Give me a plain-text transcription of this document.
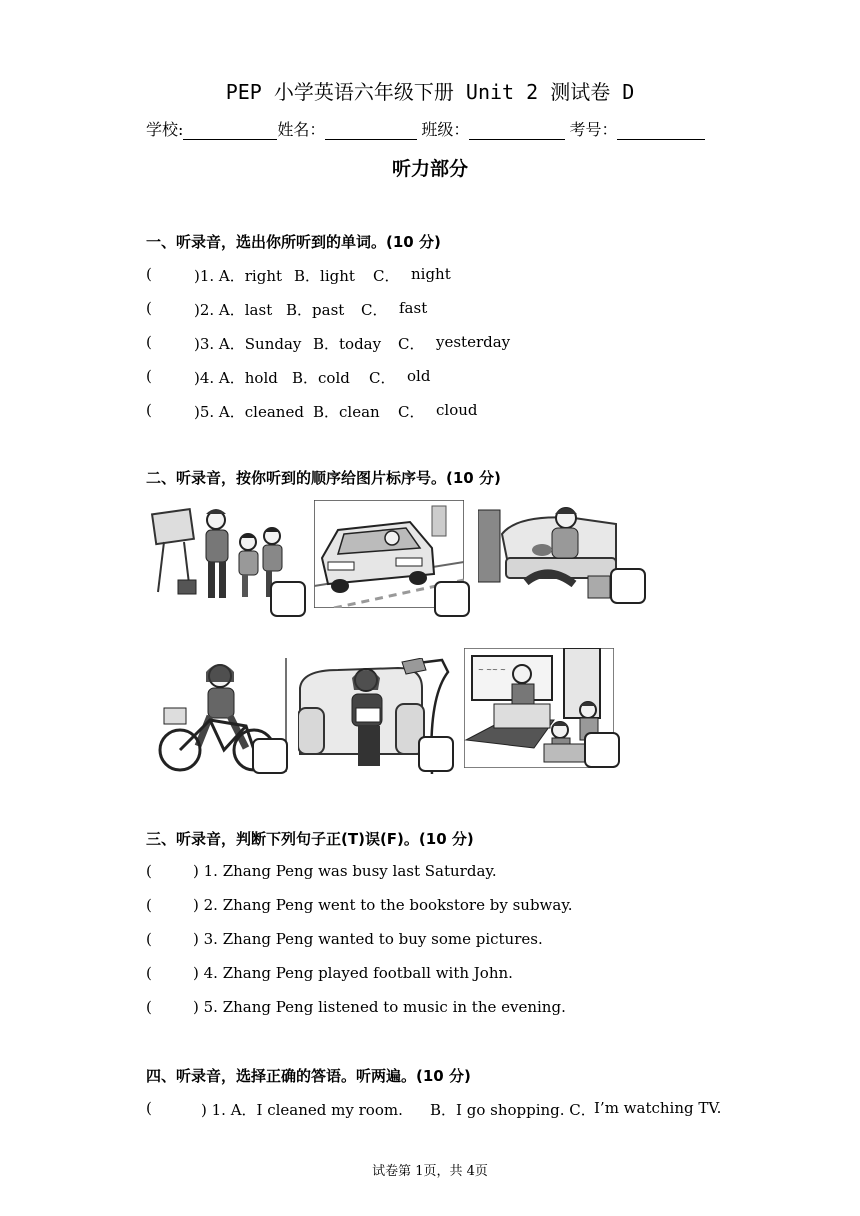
PEP 小学英语六年级下册 Unit 2 测试卷 D
学校:	姓名：	班级：	考号：
听力部分
一、听录音，选出你所听到的单词。(10 分)
(	)1. A．right B．light C． night
(	)2. A．last B．past C． fast
(	)3. A．Sunday B．today C． yesterday
(	)4. A．hold B．cold C． old
(	)5. A．cleaned B．clean C． cloud
二、听录音，按你听到的顺序给图片标序号。(10 分)
~ ~~ ~
三、听录音，判断下列句子正(T)误(F)。(10 分)
(	) 1. Zhang Peng was busy last Saturday.
(	) 2. Zhang Peng went to the bookstore by subway.
(	) 3. Zhang Peng wanted to buy some pictures.
(	) 4. Zhang Peng played football with John.
(	) 5. Zhang Peng listened to music in the evening.
四、听录音，选择正确的答语。听两遍。(10 分)
(	) 1. A．I cleaned my room. B．I go shopping. C．
I’m watching TV.
试卷第 1页，共 4页
